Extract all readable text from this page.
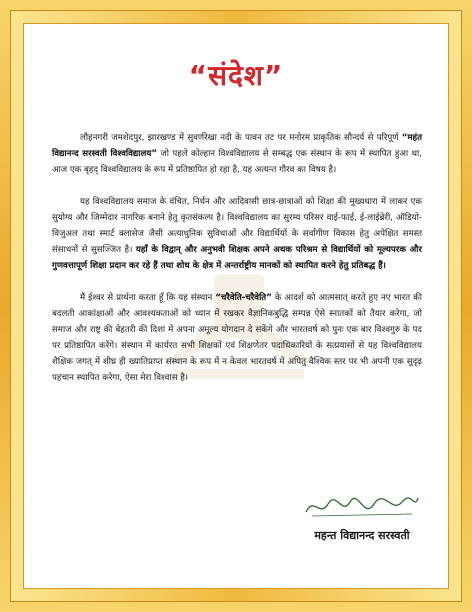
“संदेश”

लौहनगरी जमशेदपुर, झारखण्ड में सुवर्णरेखा नदी के पावन तट पर मनोरम प्राकृतिक सौन्दर्य से परिपूर्ण “महंत विद्यानन्द सरस्वती विश्वविद्यालय” जो पहले कोल्हान विश्वविद्यालय से सम्बद्ध एक संस्थान के रूप में स्थापित हुआ था, आज एक बृहद् विश्वविद्यालय के रूप में प्रतिष्ठापित हो रहा है, यह अत्यन्त गौरव का विषय है।

यह विश्वविद्यालय समाज के वंचित, निर्धन और आदिवासी छात्र-छात्राओं को शिक्षा की मुख्यधारा में लाकर एक सुयोग्य और जिम्मेदार नागरिक बनाने हेतु कृतसंकल्प है। विश्वविद्यालय का सुरम्य परिसर वाई-फाई, ई-लाईब्रेरी, ऑडियो-विजुअल तथा स्मार्ट क्लासेज जैसी अत्याधुनिक सुविधाओं और विद्यार्थियों के सर्वांगीण विकास हेतु अपेक्षित समस्त संसाधनों से सुसज्जित है। यहाँ के विद्वान् और अनुभवी शिक्षक अपने अथक परिश्रम से विद्यार्थियों को मूल्यपरक और गुणवत्तापूर्ण शिक्षा प्रदान कर रहे हैं तथा शोध के क्षेत्र में अन्तर्राष्ट्रीय मानकों को स्थापित करने हेतु प्रतिबद्ध हैं।

मैं ईश्वर से प्रार्थना करता हूँ कि यह संस्थान “चरैवेति-चरैवेति” के आदर्श को आत्मसात् करते हुए नए भारत की बदलती आकांक्षाओं और आवश्यकताओं को ध्यान में रखकर वैज्ञानिकबुद्धि सम्पन्न ऐसे स्नातकों को तैयार करेगा, जो समाज और राष्ट्र की बेहतरी की दिशा में अपना अमूल्य योगदान दे सकेंगे और भारतवर्ष को पुनः एक बार विश्वगुरु के पद पर प्रतिष्ठापित करेंगे। संस्थान में कार्यरत सभी शिक्षकों एवं शिक्षणेतर पदाधिकारियों के सत्प्रयासों से यह विश्वविद्यालय शैक्षिक जगत् में शीघ्र ही ख्यातिप्राप्त संस्थान के रूप में न केवल भारतवर्ष में अपितु वैश्विक स्तर पर भी अपनी एक सुदृढ़ पहचान स्थापित करेगा, ऐसा मेरा विश्वास है।

महन्त विद्यानन्द सरस्वती
